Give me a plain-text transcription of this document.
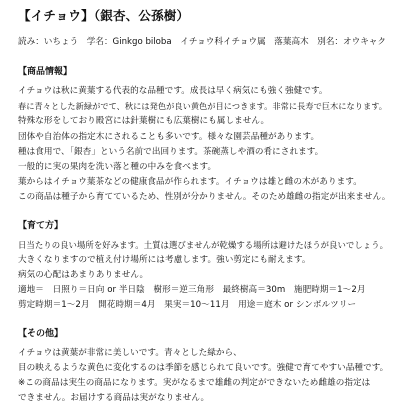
【イチョウ】（銀杏、公孫樹）
読み：いちょう　学名：Ginkgo biloba　イチョウ科イチョウ属　落葉高木　別名：オウキャク
【商品情報】
イチョウは秋に黄葉する代表的な品種です。成長は早く病気にも強く強健です。
春に青々とした新緑がでて、秋には発色が良い黄色が目につきます。非常に長寿で巨木になります。
特殊な形をしており殿宮には針葉樹にも広葉樹にも属しません。
団体や自治体の指定木にされることも多いです。様々な園芸品種があります。
種は食用で、「銀杏」という名前で出回ります。茶碗蒸しや酒の肴にされます。
一般的に実の果肉を洗い落と種の中みを食べます。
葉からはイチョウ葉茶などの健康食品が作られます。イチョウは雄と雌の木があります。
この商品は種子から育てているため、性別が分かりません。そのため雄雌の指定が出来ません。
【育て方】
日当たりの良い場所を好みます。土質は選びませんが乾燥する場所は避けたほうが良いでしょう。
大きくなりますので植え付け場所には考慮します。強い剪定にも耐えます。
病気の心配はあまりありません。
適地＝　日照り＝日向 or 半日陰　樹形＝逆三角形　最終樹高＝30m　施肥時期＝1～2月
剪定時期＝1～2月　開花時期＝4月　果実＝10～11月　用途＝庭木 or シンボルツリー
【その他】
イチョウは黄葉が非常に美しいです。青々とした緑から、
目の映えるような黄色に変化するのは季節を感じられて良いです。強健で育てやすい品種です。
※この商品は実生の商品になります。実がなるまで雄雌の判定ができないため雌雄の指定は
できません。お届けする商品は実がなりません。
